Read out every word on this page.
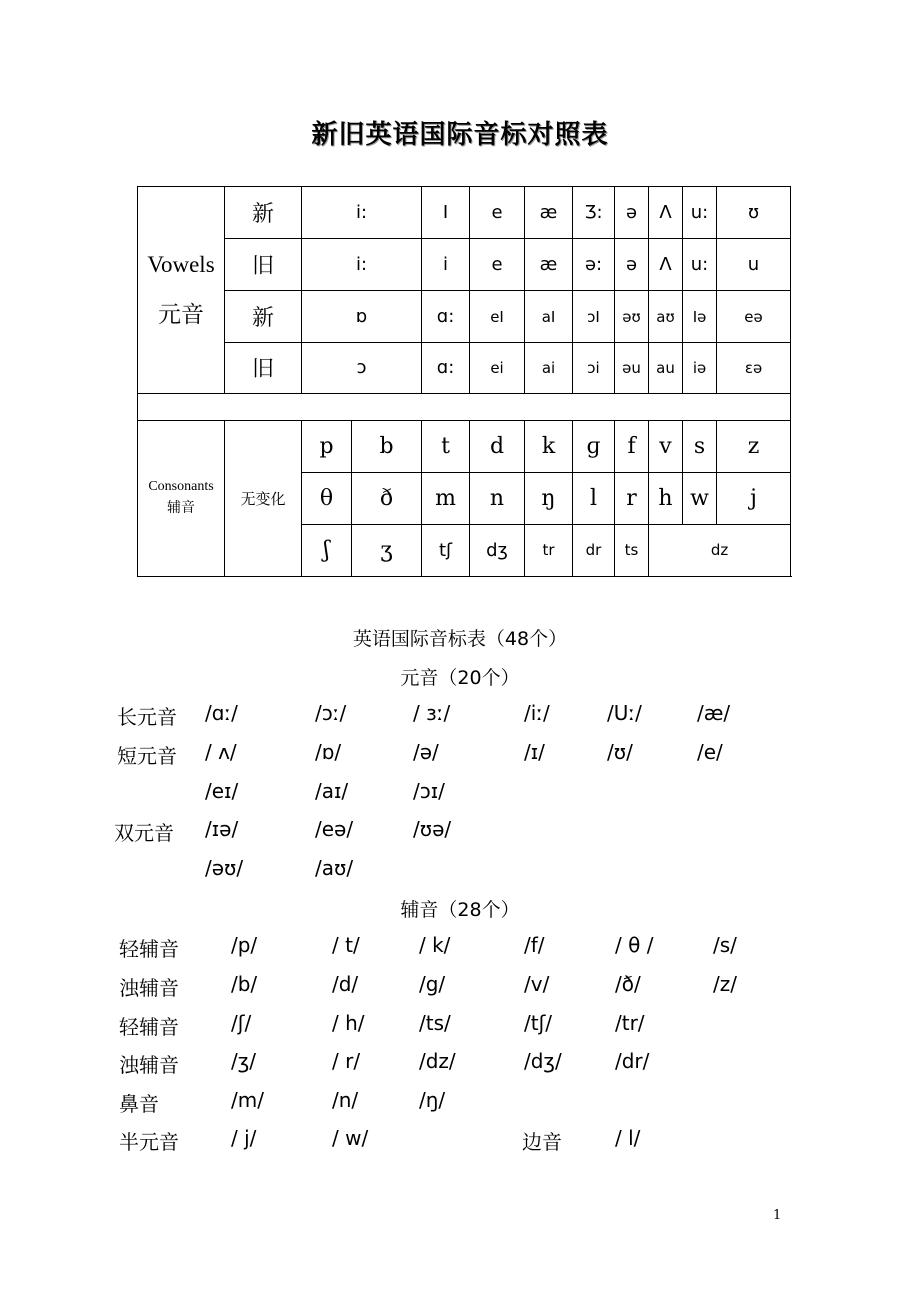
新旧英语国际音标对照表
Vowels
元音	新	i:		I	e	æ	Ʒ:	ə	Λ	u:	ʊ	
	旧	i:		i	e	æ	ə:	ə	Λ	u:	u	
	新	ɒ		ɑ:	eI	aI	ɔI	əʊ	aʊ	Iə	eə	
	旧	ɔ		ɑ:	ei	ai	ɔi	əu	au	iə	ɛə	

Consonants
辅音	无变化	p	b	t	d	k	ɡ	f	v	s	z	
		θ	ð	m	n	ŋ	l	r	h	w	j	
		ʃ	ʒ	tʃ	dʒ	tr	dr	ts	dz			
英语国际音标表（48个）
元音（20个）
长元音 /ɑː/	/ɔː/	/ ɜː/	/iː/	/Uː/	/æ/
短元音 / ʌ/	/ɒ/	/ə/	/ɪ/	/ʊ/	/e/
/eɪ/	/aɪ/	/ɔɪ/
双元音 /ɪə/	/eə/	/ʊə/
/əʊ/	/aʊ/
轻辅音	/p/	/ t/	/ k/	/f/	/ θ /	/s/
浊辅音	/b/	/d/	/g/	/v/	/ð/	/z/
轻辅音	/ʃ/	/ h/	/ts/	/tʃ/	/tr/
浊辅音	/ʒ/	/ r/	/dz/	/dʒ/	/dr/
鼻音	/m/	/n/	/ŋ/
半元音	/ j/	/ w/	边音	/ l/
辅音（28个）
1
